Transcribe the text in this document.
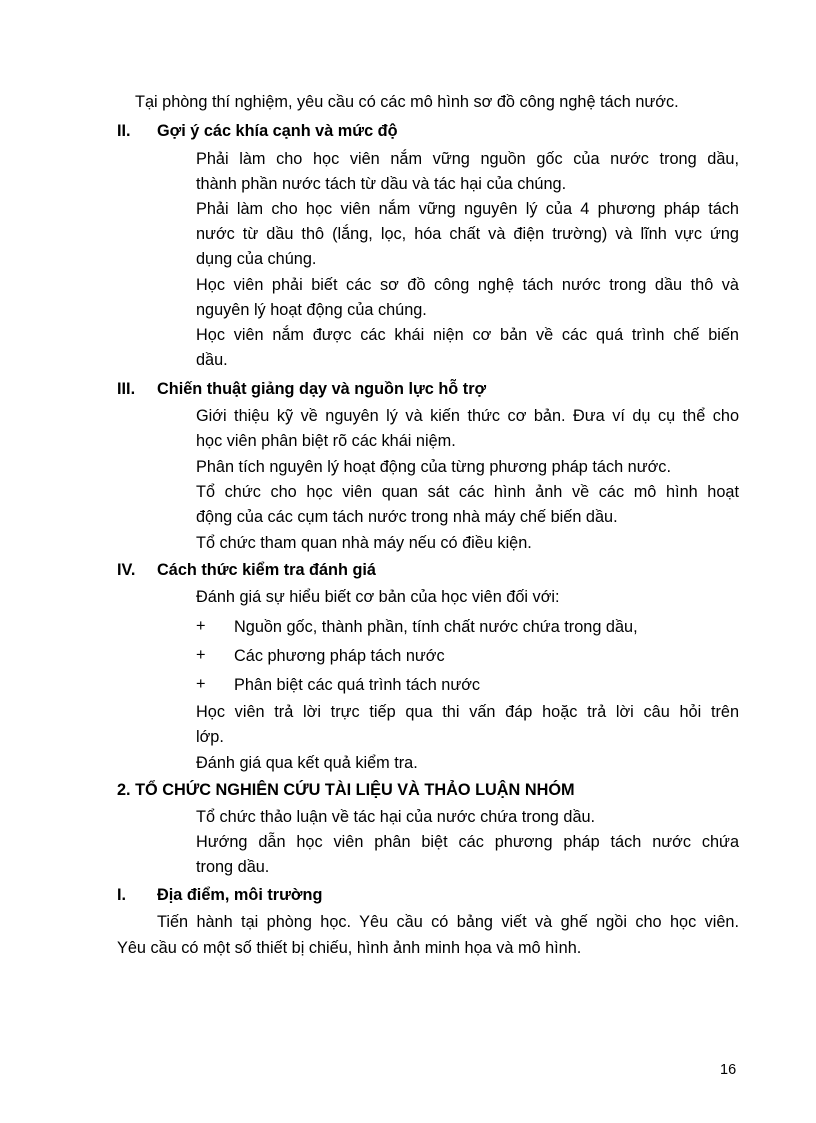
Tại phòng thí nghiệm, yêu cầu có các mô hình sơ đồ công nghệ tách nước.
II. Gợi ý các khía cạnh và mức độ
Phải làm cho học viên nắm vững nguồn gốc của nước trong dầu,
thành phần nước tách từ dầu và tác hại của chúng.
Phải làm cho học viên nắm vững nguyên lý của 4 phương pháp tách
nước từ dầu thô (lắng, lọc, hóa chất và điện trường) và lĩnh vực ứng
dụng của chúng.
Học viên phải biết các sơ đồ công nghệ tách nước trong dầu thô và
nguyên lý hoạt động của chúng.
Học viên nắm được các khái niện cơ bản về các quá trình chế biến
dầu.
III. Chiến thuật giảng dạy và nguồn lực hỗ trợ
Giới thiệu kỹ về nguyên lý và kiến thức cơ bản. Đưa ví dụ cụ thể cho
học viên phân biệt rõ các khái niệm.
Phân tích nguyên lý hoạt động của từng phương pháp tách nước.
Tổ chức cho học viên quan sát các hình ảnh về các mô hình hoạt
động của các cụm tách nước trong nhà máy chế biến dầu.
Tổ chức tham quan nhà máy nếu có điều kiện.
IV. Cách thức kiểm tra đánh giá
Đánh giá sự hiểu biết cơ bản của học viên đối với:
+ Nguồn gốc, thành phần, tính chất nước chứa trong dầu,
+ Các phương pháp tách nước
+ Phân biệt các quá trình tách nước
Học viên trả lời trực tiếp qua thi vấn đáp hoặc trả lời câu hỏi trên
lớp.
Đánh giá qua kết quả kiểm tra.
2. TỔ CHỨC NGHIÊN CỨU TÀI LIỆU VÀ THẢO LUẬN NHÓM
Tổ chức thảo luận về tác hại của nước chứa trong dầu.
Hướng dẫn học viên phân biệt các phương pháp tách nước chứa
trong dầu.
I. Địa điểm, môi trường
Tiến hành tại phòng học. Yêu cầu có bảng viết và ghế ngồi cho học viên.
Yêu cầu có một số thiết bị chiếu, hình ảnh minh họa và mô hình.
16
